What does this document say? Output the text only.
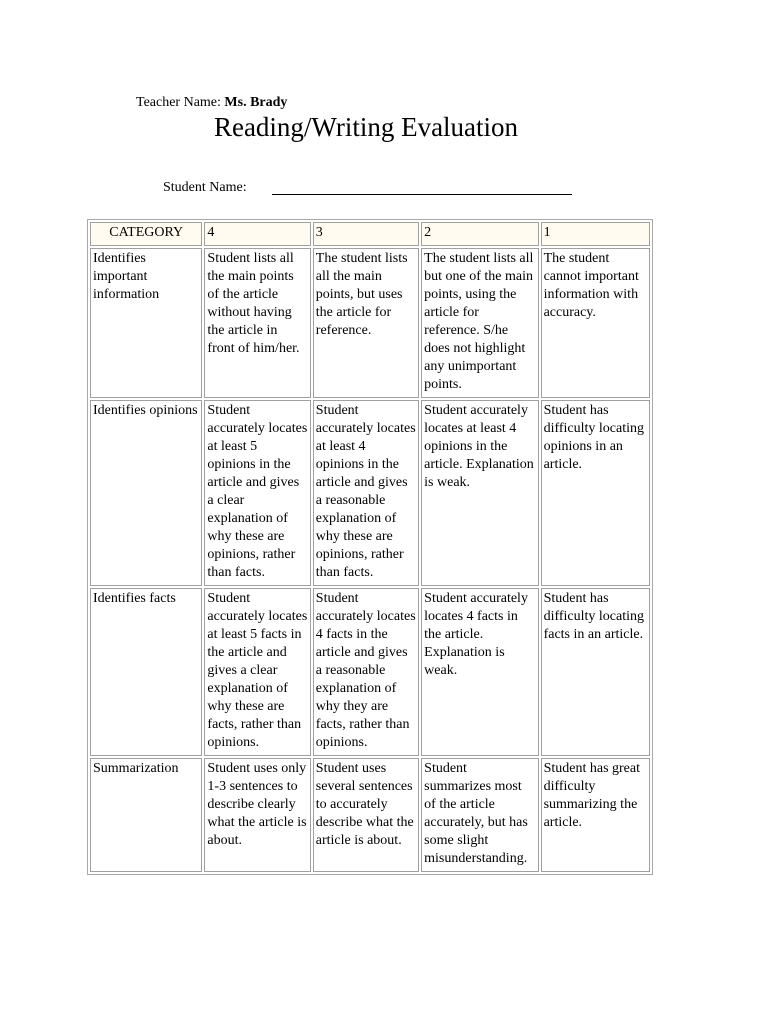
Teacher Name: Ms. Brady
Reading/Writing Evaluation
Student Name:
CATEGORY	4	3	2	1
Identifies important information	Student lists all the main points of the article without having the article in front of him/her.	The student lists all the main points, but uses the article for reference.	The student lists all but one of the main points, using the article for reference. S/he does not highlight any unimportant points.	The student cannot important information with accuracy.
Identifies opinions	Student accurately locates at least 5 opinions in the article and gives a clear explanation of why these are opinions, rather than facts.	Student accurately locates at least 4 opinions in the article and gives a reasonable explanation of why these are opinions, rather than facts.	Student accurately locates at least 4 opinions in the article. Explanation is weak.	Student has difficulty locating opinions in an article.
Identifies facts	Student accurately locates at least 5 facts in the article and gives a clear explanation of why these are facts, rather than opinions.	Student accurately locates 4 facts in the article and gives a reasonable explanation of why they are facts, rather than opinions.	Student accurately locates 4 facts in the article. Explanation is weak.	Student has difficulty locating facts in an article.
Summarization	Student uses only 1-3 sentences to describe clearly what the article is about.	Student uses several sentences to accurately describe what the article is about.	Student summarizes most of the article accurately, but has some slight misunderstanding.	Student has great difficulty summarizing the article.
